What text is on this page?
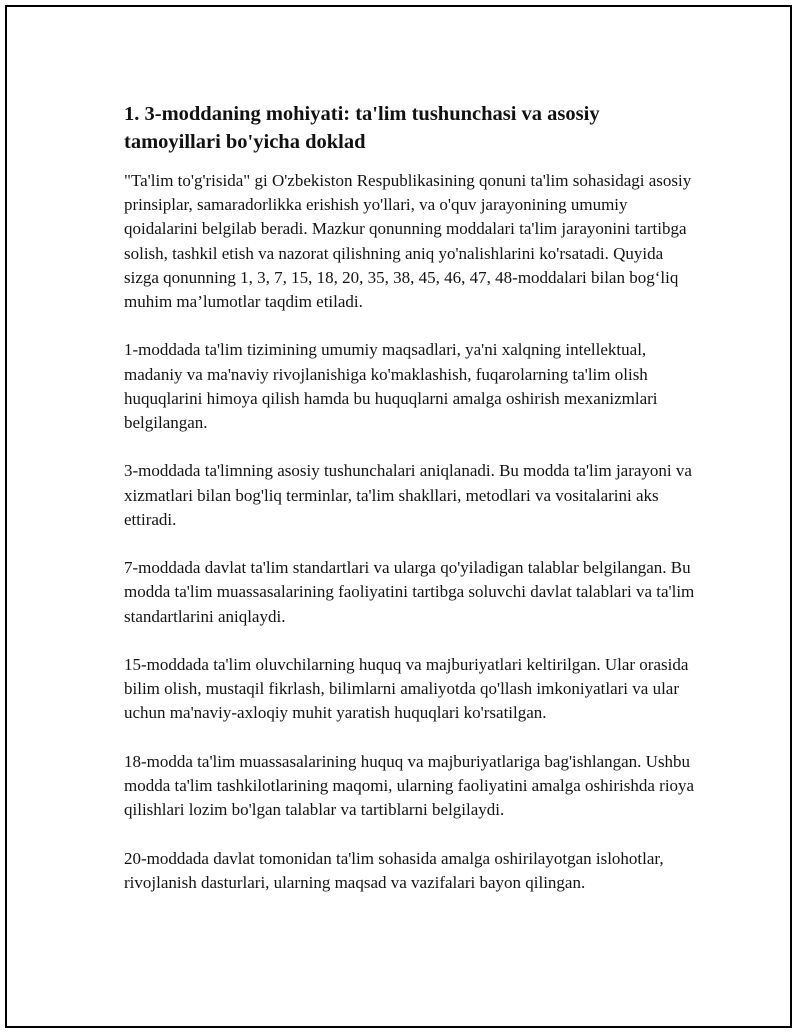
1. 3-moddaning mohiyati: ta'lim tushunchasi va asosiy tamoyillari bo'yicha doklad

"Ta'lim to'g'risida" gi O'zbekiston Respublikasining qonuni ta'lim sohasidagi asosiy prinsiplar, samaradorlikka erishish yo'llari, va o'quv jarayonining umumiy qoidalarini belgilab beradi. Mazkur qonunning moddalari ta'lim jarayonini tartibga solish, tashkil etish va nazorat qilishning aniq yo'nalishlarini ko'rsatadi. Quyida sizga qonunning 1, 3, 7, 15, 18, 20, 35, 38, 45, 46, 47, 48-moddalari bilan bog‘liq muhim ma’lumotlar taqdim etiladi.

1-moddada ta'lim tizimining umumiy maqsadlari, ya'ni xalqning intellektual, madaniy va ma'naviy rivojlanishiga ko'maklashish, fuqarolarning ta'lim olish huquqlarini himoya qilish hamda bu huquqlarni amalga oshirish mexanizmlari belgilangan.

3-moddada ta'limning asosiy tushunchalari aniqlanadi. Bu modda ta'lim jarayoni va xizmatlari bilan bog'liq terminlar, ta'lim shakllari, metodlari va vositalarini aks ettiradi.

7-moddada davlat ta'lim standartlari va ularga qo'yiladigan talablar belgilangan. Bu modda ta'lim muassasalarining faoliyatini tartibga soluvchi davlat talablari va ta'lim standartlarini aniqlaydi.

15-moddada ta'lim oluvchilarning huquq va majburiyatlari keltirilgan. Ular orasida bilim olish, mustaqil fikrlash, bilimlarni amaliyotda qo'llash imkoniyatlari va ular uchun ma'naviy-axloqiy muhit yaratish huquqlari ko'rsatilgan.

18-modda ta'lim muassasalarining huquq va majburiyatlariga bag'ishlangan. Ushbu modda ta'lim tashkilotlarining maqomi, ularning faoliyatini amalga oshirishda rioya qilishlari lozim bo'lgan talablar va tartiblarni belgilaydi.

20-moddada davlat tomonidan ta'lim sohasida amalga oshirilayotgan islohotlar, rivojlanish dasturlari, ularning maqsad va vazifalari bayon qilingan.
